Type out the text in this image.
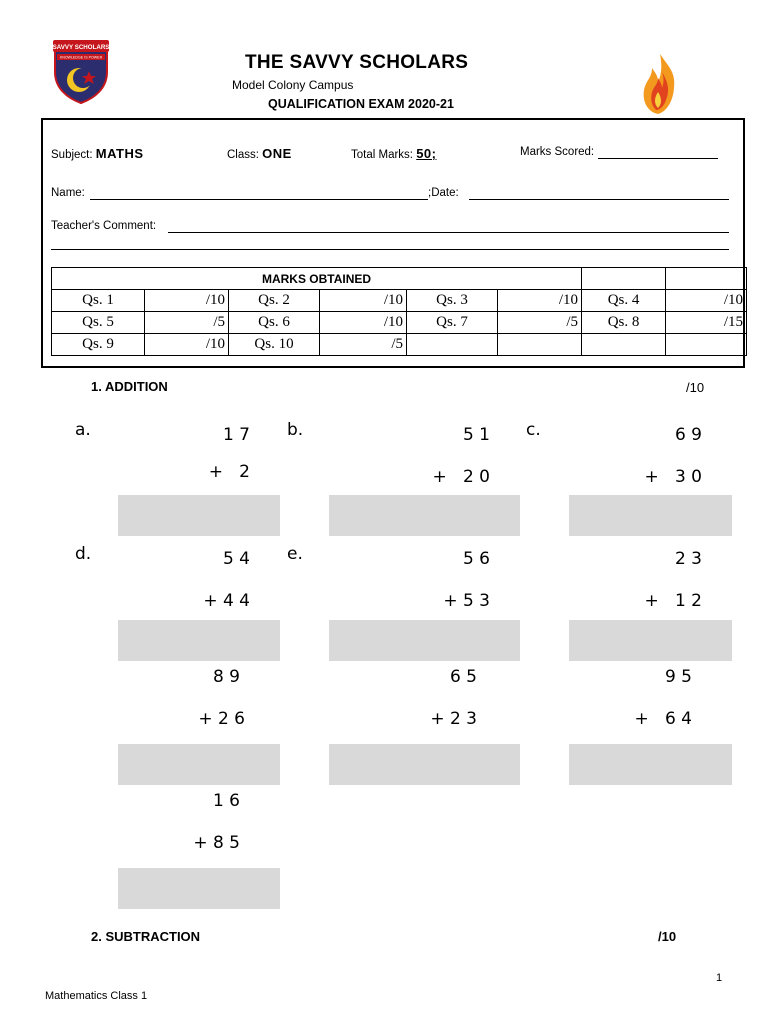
SAVVY SCHOLARS
KNOWLEDGE IS POWER	THE SAVVY SCHOLARS
Model Colony Campus
QUALIFICATION EXAM 2020-21
Subject: MATHS	Class: ONE	Total Marks: 50;	Marks Scored:
Name:	;Date:
Teacher's Comment:
MARKS OBTAINED							
Qs. 1	/10	Qs. 2	/10	Qs. 3	/10	Qs. 4	/10
Qs. 5	/5	Qs. 6	/10	Qs. 7	/5	Qs. 8	/15
Qs. 9	/10	Qs. 10	/5				
1. ADDITION	/10
a.	b.	c.
d.	e.
1 7
+   2
5 1
+   2 0
6 9
+   3 0
5 4
+ 4 4
5 6
+ 5 3
2 3
+   1 2
8 9
+ 2 6
6 5
+ 2 3
9 5
+   6 4
1 6
+ 8 5
2. SUBTRACTION	/10
1
Mathematics Class 1
